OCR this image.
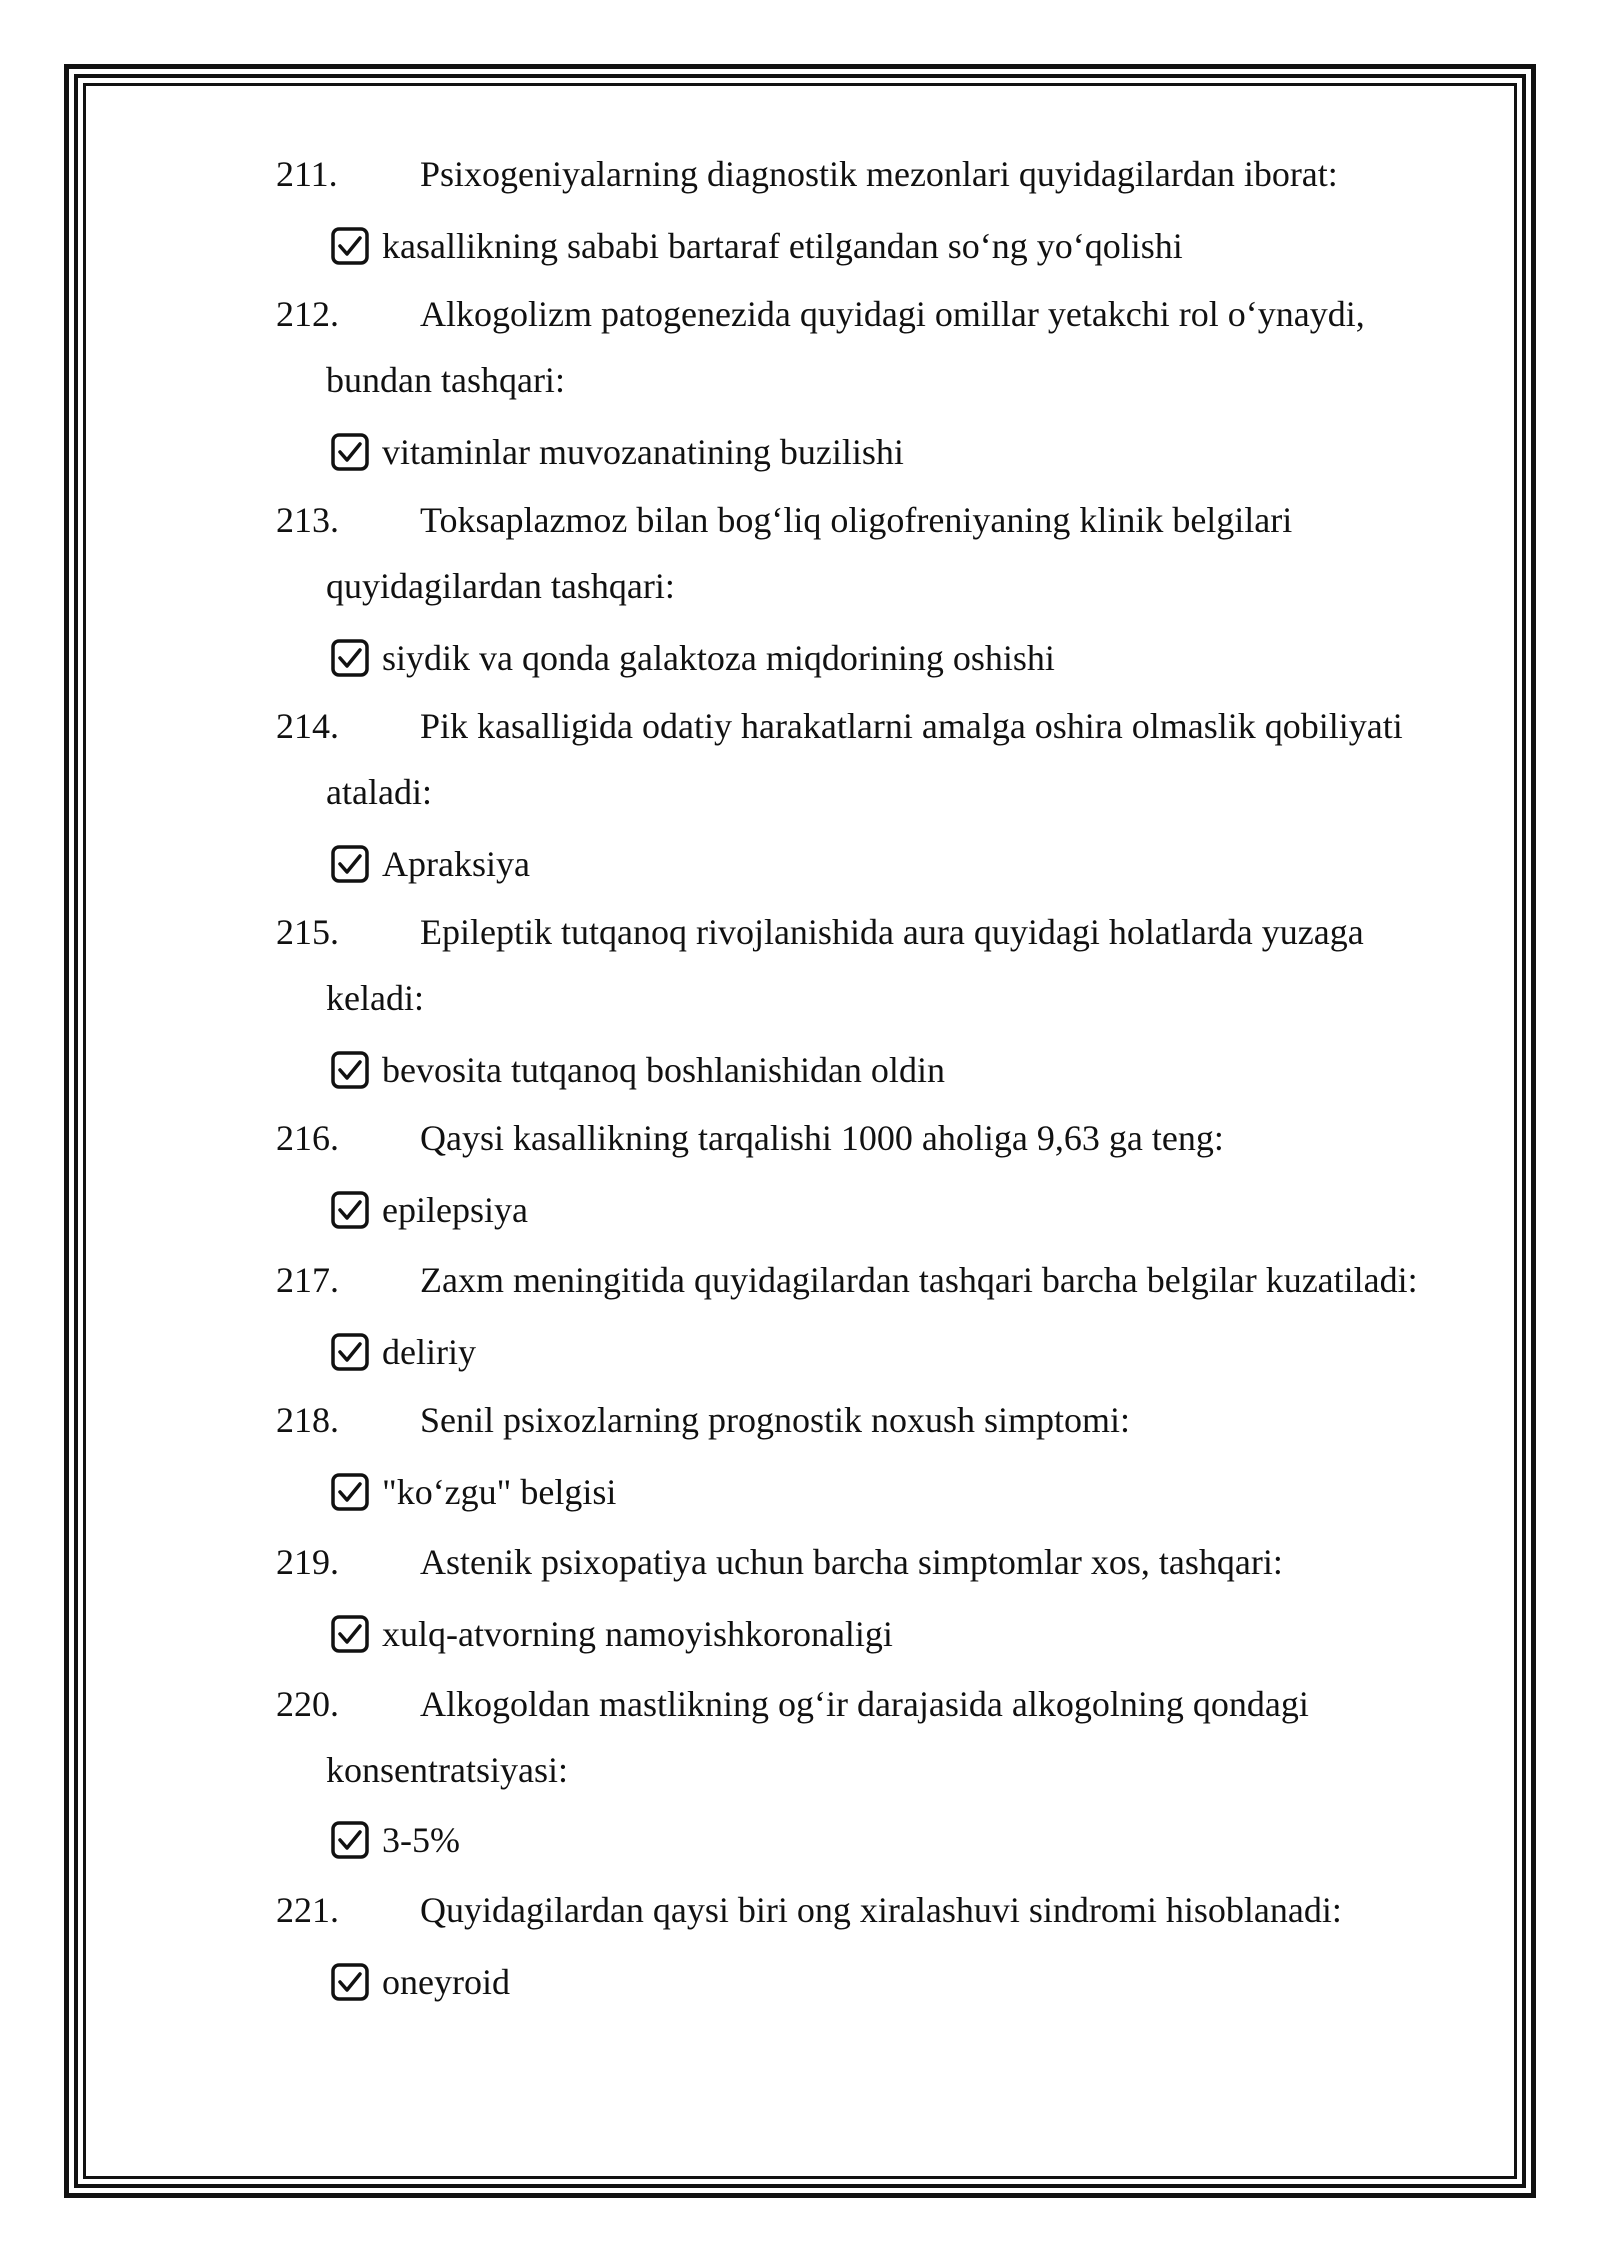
211. Psixogeniyalarning diagnostik mezonlari quyidagilardan iborat:
kasallikning sababi bartaraf etilgandan so‘ng yo‘qolishi
212. Alkogolizm patogenezida quyidagi omillar yetakchi rol o‘ynaydi,
bundan tashqari:
vitaminlar muvozanatining buzilishi
213. Toksaplazmoz bilan bog‘liq oligofreniyaning klinik belgilari
quyidagilardan tashqari:
siydik va qonda galaktoza miqdorining oshishi
214. Pik kasalligida odatiy harakatlarni amalga oshira olmaslik qobiliyati
ataladi:
Apraksiya
215. Epileptik tutqanoq rivojlanishida aura quyidagi holatlarda yuzaga
keladi:
bevosita tutqanoq boshlanishidan oldin
216. Qaysi kasallikning tarqalishi 1000 aholiga 9,63 ga teng:
epilepsiya
217. Zaxm meningitida quyidagilardan tashqari barcha belgilar kuzatiladi:
deliriy
218. Senil psixozlarning prognostik noxush simptomi:
"ko‘zgu" belgisi
219. Astenik psixopatiya uchun barcha simptomlar xos, tashqari:
xulq-atvorning namoyishkoronaligi
220. Alkogoldan mastlikning og‘ir darajasida alkogolning qondagi
konsentratsiyasi:
3-5%
221. Quyidagilardan qaysi biri ong xiralashuvi sindromi hisoblanadi:
oneyroid
